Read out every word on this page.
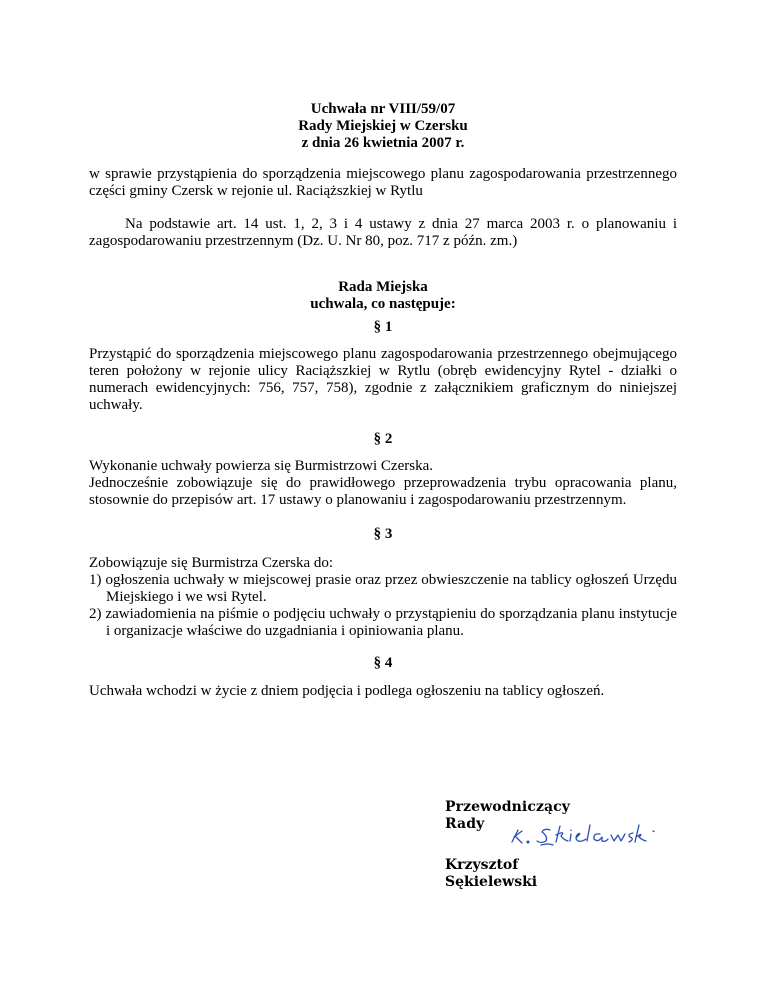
Uchwała nr VIII/59/07
Rady Miejskiej w Czersku
z dnia 26 kwietnia 2007 r.
w sprawie przystąpienia do sporządzenia miejscowego planu zagospodarowania przestrzennego części gminy Czersk w rejonie ul. Raciąższkiej w Rytlu
Na podstawie art. 14 ust. 1, 2, 3 i 4 ustawy z dnia 27 marca 2003 r. o planowaniu i zagospodarowaniu przestrzennym (Dz. U. Nr 80, poz. 717 z późn. zm.)
Rada Miejska
uchwala, co następuje:
§ 1
Przystąpić do sporządzenia miejscowego planu zagospodarowania przestrzennego obejmującego teren położony w rejonie ulicy Raciąższkiej w Rytlu (obręb ewidencyjny Rytel - działki o numerach ewidencyjnych: 756, 757, 758), zgodnie z załącznikiem graficznym do niniejszej uchwały.
§ 2
Wykonanie uchwały powierza się Burmistrzowi Czerska.
Jednocześnie zobowiązuje się do prawidłowego przeprowadzenia trybu opracowania planu, stosownie do przepisów art. 17 ustawy o planowaniu i zagospodarowaniu przestrzennym.
§ 3
Zobowiązuje się Burmistrza Czerska do:
1) ogłoszenia uchwały w miejscowej prasie oraz przez obwieszczenie na tablicy ogłoszeń Urzędu Miejskiego i we wsi Rytel.
2) zawiadomienia na piśmie o podjęciu uchwały o przystąpieniu do sporządzania planu instytucje i organizacje właściwe do uzgadniania i opiniowania planu.
§ 4
Uchwała wchodzi w życie z dniem podjęcia i podlega ogłoszeniu na tablicy ogłoszeń.
Przewodniczący Rady
Krzysztof Sękielewski
